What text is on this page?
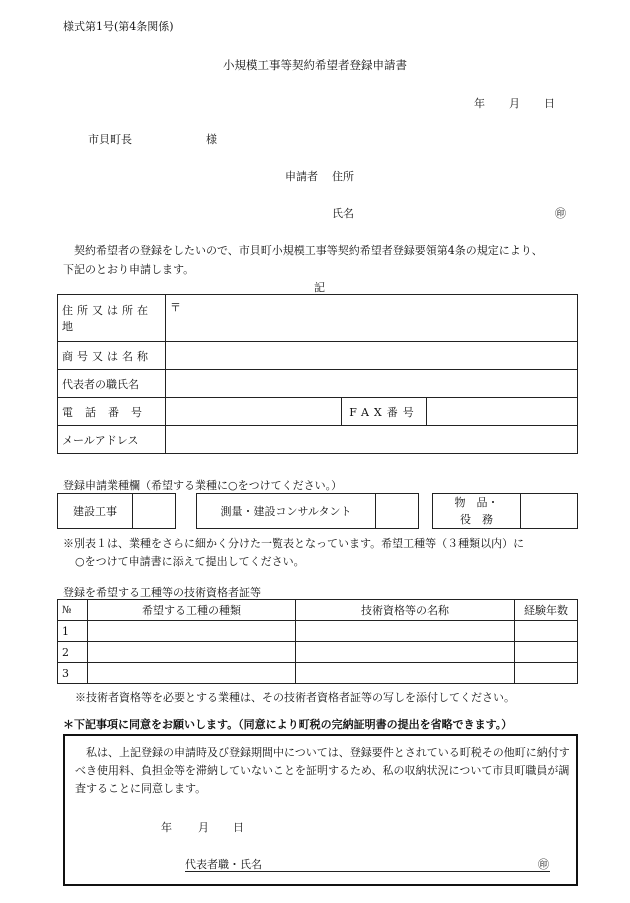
様式第1号(第4条関係)
小規模工事等契約希望者登録申請書
年 月 日
市貝町長	様
申請者 住所
氏名	㊞
契約希望者の登録をしたいので、市貝町小規模工事等契約希望者登録要領第4条の規定により、
下記のとおり申請します。
記
住所又は所在地	〒		
商号又は名称			
代表者の職氏名			
電話番号		FAX番号	
メールアドレス			
登録申請業種欄（希望する業種に○をつけてください。）
建設工事	測量・建設コンサルタント
物　品・
役　務
※別表１は、業種をさらに細かく分けた一覧表となっています。希望工種等（３種類以内）に
○をつけて申請書に添えて提出してください。
登録を希望する工種等の技術資格者証等
№	希望する工種の種類	技術資格等の名称	経験年数
1			
2			
3			
※技術者資格等を必要とする業種は、その技術者資格者証等の写しを添付してください。
＊下記事項に同意をお願いします。（同意により町税の完納証明書の提出を省略できます。）

私は、上記登録の申請時及び登録期間中については、登録要件とされている町税その他町に納付すべき使用料、負担金等を滞納していないことを証明するため、私の収納状況について市貝町職員が調査することに同意します。

年 月 日
代表者職・氏名	㊞
